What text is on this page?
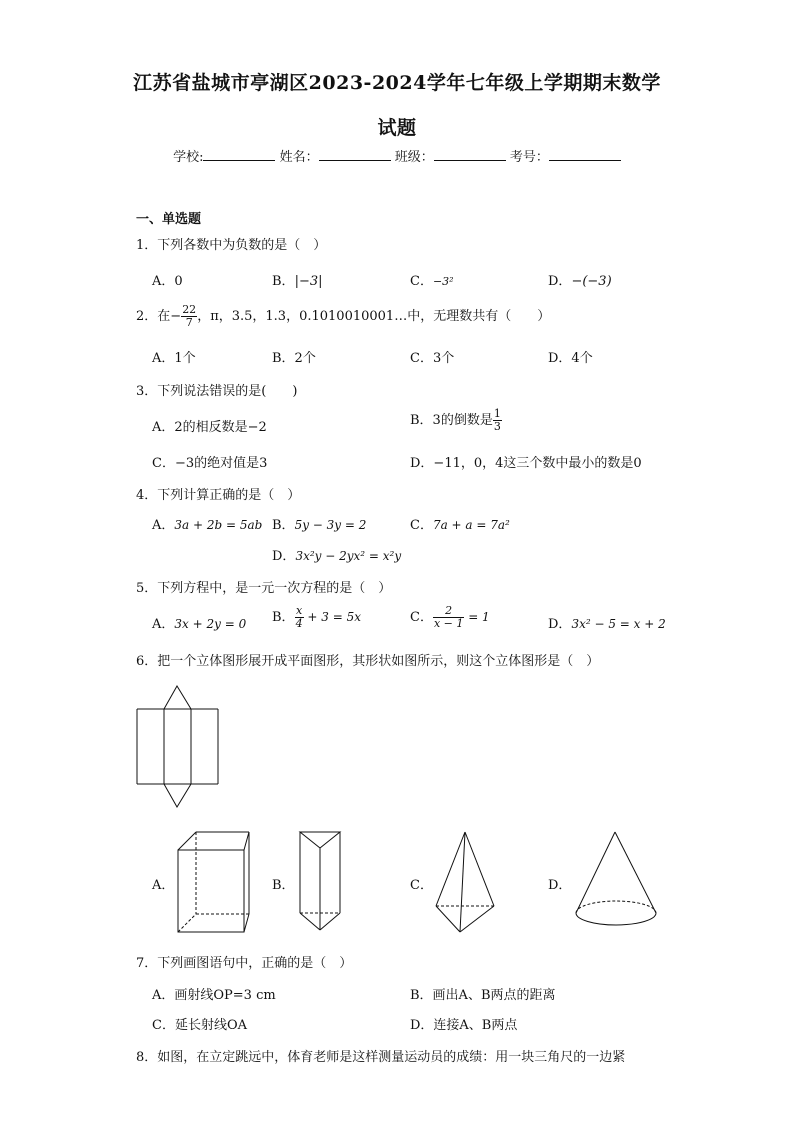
江苏省盐城市亭湖区2023-2024学年七年级上学期期末数学
试题
学校:	姓名：	班级：	考号：
一、单选题
1．下列各数中为负数的是（　）
A．0	B．|−3|	C．−3²	D．−(−3)
2．在− $\frac{22}{7}$ ，π，3.5，1.3，0.1010010001…中，无理数共有（　　）
A．1个	B．2个	C．3个	D．4个
3．下列说法错误的是(　　)
A．2的相反数是−2	B．3的倒数是 $\frac{1}{3}$
C．−3的绝对值是3	D．−11，0，4这三个数中最小的数是0
4．下列计算正确的是（　）
A．3a + 2b = 5ab B．5y − 3y = 2	C．7a + a = 7a²
D．3x²y − 2yx² = x²y
5．下列方程中，是一元一次方程的是（　）
A．3x + 2y = 0 B． $\frac{x}{4} + 3 = 5x$	C． $\frac{2}{x - 1} = 1$	D．3x² − 5 = x + 2
6．把一个立体图形展开成平面图形，其形状如图所示，则这个立体图形是（　）
A．	B．	C．	D．
7．下列画图语句中，正确的是（　）
A．画射线OP=3 cm	B．画出A、B两点的距离
C．延长射线OA	D．连接A、B两点
8．如图，在立定跳远中，体育老师是这样测量运动员的成绩：用一块三角尺的一边紧
